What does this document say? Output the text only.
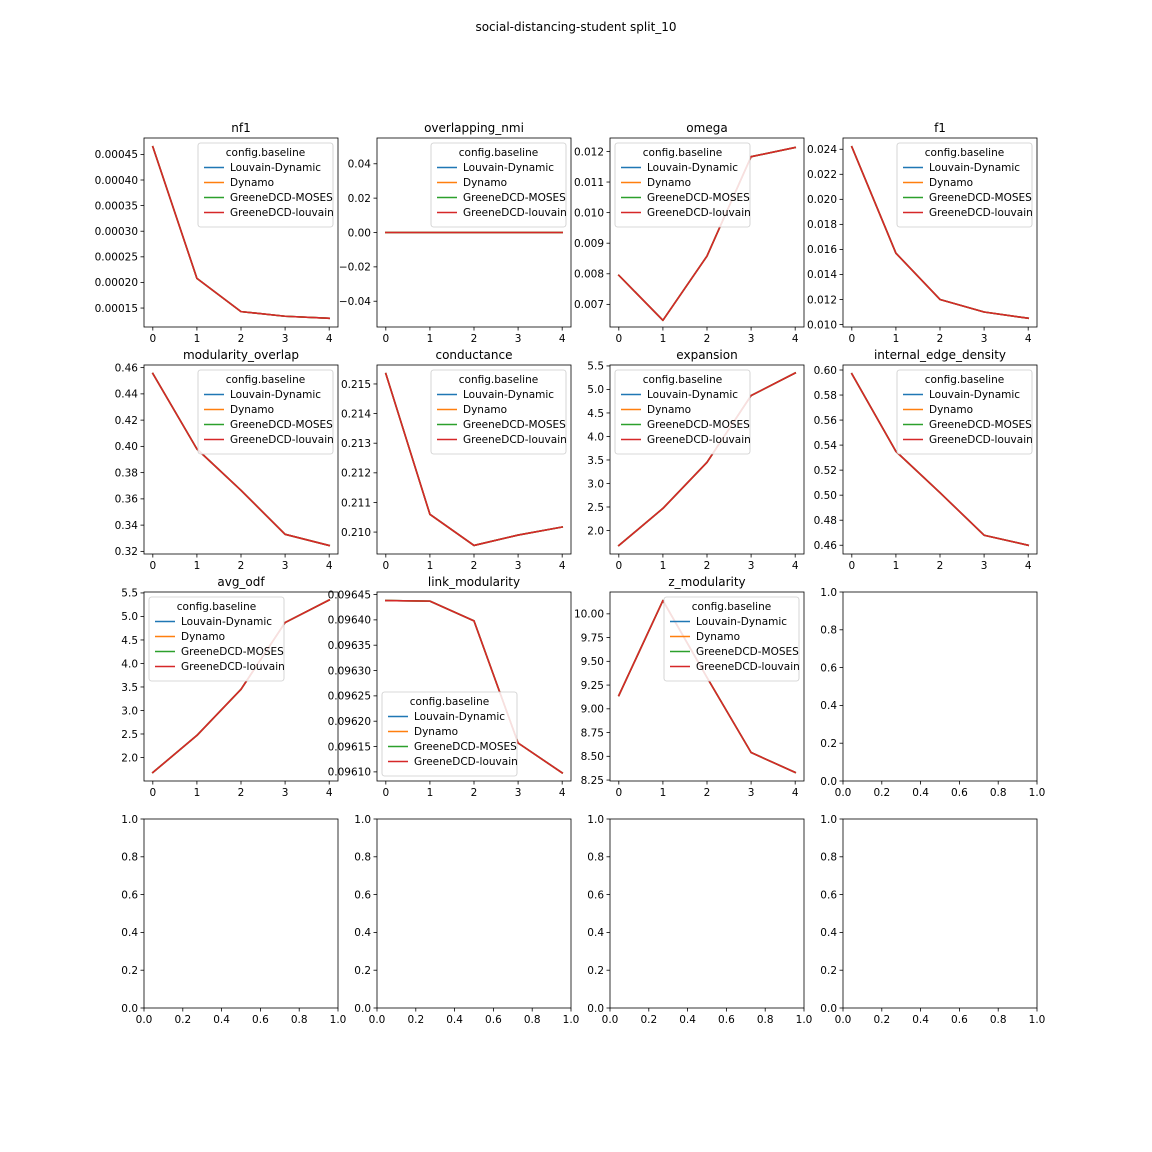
social-distancing-student split_10
nf1
0	1	2	3	4
0.00015
0.00020
0.00025
0.00030
0.00035
0.00040
0.00045	config.baseline
Louvain-Dynamic
Dynamo
GreeneDCD-MOSES
GreeneDCD-louvain
overlapping_nmi
0	1	2	3	4
−0.04
−0.02
0.00
0.02
0.04
config.baseline
Louvain-Dynamic
Dynamo
GreeneDCD-MOSES
GreeneDCD-louvain
omega
0	1	2	3	4
0.007
0.008
0.009
0.010
0.011
0.012	config.baseline
Louvain-Dynamic
Dynamo
GreeneDCD-MOSES
GreeneDCD-louvain
f1
0	1	2	3	4
0.010
0.012
0.014
0.016
0.018
0.020
0.022
0.024	config.baseline
Louvain-Dynamic
Dynamo
GreeneDCD-MOSES
GreeneDCD-louvain
modularity_overlap
0	1	2	3	4
0.32
0.34
0.36
0.38
0.40
0.42
0.44
0.46
config.baseline
Louvain-Dynamic
Dynamo
GreeneDCD-MOSES
GreeneDCD-louvain
conductance
0	1	2	3	4
0.210
0.211
0.212
0.213
0.214
0.215	config.baseline
Louvain-Dynamic
Dynamo
GreeneDCD-MOSES
GreeneDCD-louvain
expansion
0	1	2	3	4
2.0
2.5
3.0
3.5
4.0
4.5
5.0
5.5
config.baseline
Louvain-Dynamic
Dynamo
GreeneDCD-MOSES
GreeneDCD-louvain
internal_edge_density
0	1	2	3	4
0.46
0.48
0.50
0.52
0.54
0.56
0.58
0.60
config.baseline
Louvain-Dynamic
Dynamo
GreeneDCD-MOSES
GreeneDCD-louvain
avg_odf
0	1	2	3	4
2.0
2.5
3.0
3.5
4.0
4.5
5.0
5.5
config.baseline
Louvain-Dynamic
Dynamo
GreeneDCD-MOSES
GreeneDCD-louvain
link_modularity
0	1	2	3	4
0.09610
0.09615
0.09620
0.09625
0.09630
0.09635
0.09640
0.09645
config.baseline
Louvain-Dynamic
Dynamo
GreeneDCD-MOSES
GreeneDCD-louvain
z_modularity
0	1	2	3	4
8.25
8.50
8.75
9.00
9.25
9.50
9.75
10.00
config.baseline
Louvain-Dynamic
Dynamo
GreeneDCD-MOSES
GreeneDCD-louvain
0.0 0.2 0.4 0.6 0.8 1.0
0.0
0.2
0.4
0.6
0.8
1.0
0.0 0.2 0.4 0.6 0.8 1.0
0.0
0.2
0.4
0.6
0.8
1.0
0.0 0.2 0.4 0.6 0.8 1.0
0.0
0.2
0.4
0.6
0.8
1.0
0.0 0.2 0.4 0.6 0.8 1.0
0.0
0.2
0.4
0.6
0.8
1.0
0.0 0.2 0.4 0.6 0.8 1.0
0.0
0.2
0.4
0.6
0.8
1.0
